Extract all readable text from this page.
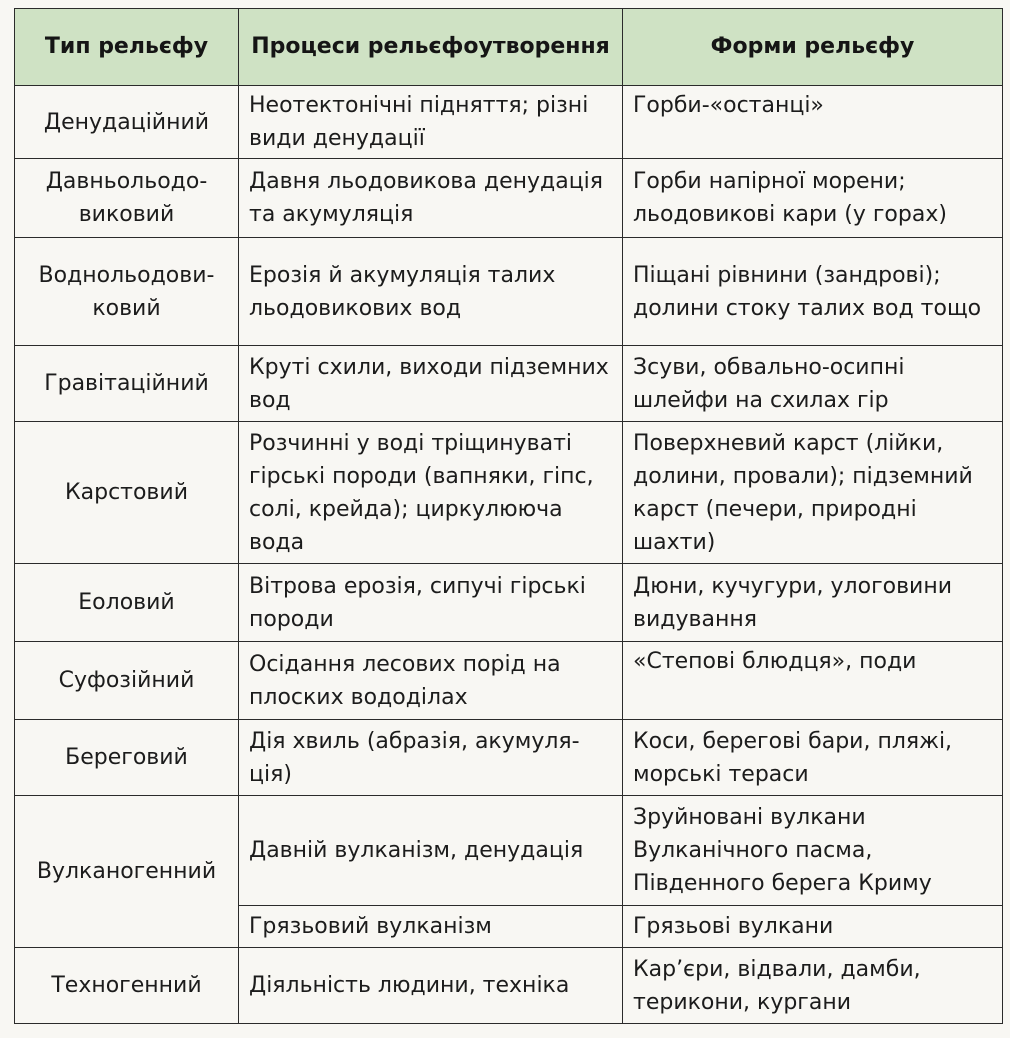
Тип рельєфу	Процеси рельєфоутворення	Форми рельєфу
Денудаційний	Неотектонічні підняття; різні види денудації	Горби-«останці»
Давньольодовиковий	Давня льодовикова денудація та акумуляція	Горби напірної морени; льодовикові кари (у горах)
Воднольодовиковий	Ерозія й акумуляція талих льодовикових вод	Піщані рівнини (зандрові); долини стоку талих вод тощо
Гравітаційний	Круті схили, виходи підземних вод	Зсуви, обвально-осипні шлейфи на схилах гір
Карстовий	Розчинні у воді тріщинуваті гірські породи (вапняки, гіпс, солі, крейда); циркулююча вода	Поверхневий карст (лійки, долини, провали); підземний карст (печери, природні шахти)
Еоловий	Вітрова ерозія, сипучі гірські породи	Дюни, кучугури, улоговини видування
Суфозійний	Осідання лесових порід на плоских вододілах	«Степові блюдця», поди
Береговий	Дія хвиль (абразія, акумуляція)	Коси, берегові бари, пляжі, морські тераси
Вулканогенний	Давній вулканізм, денудація	Зруйновані вулкани Вулканічного пасма, Південного берега Криму
	Грязьовий вулканізм	Грязьові вулкани
Техногенний	Діяльність людини, техніка	Кар’єри, відвали, дамби, терикони, кургани
